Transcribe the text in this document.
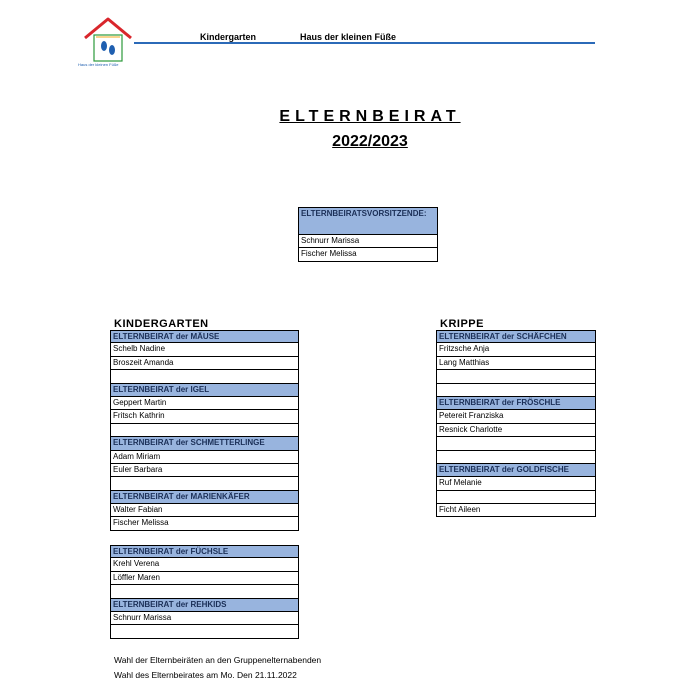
Haus der kleinen Füße
Kindergarten	Haus der kleinen Füße
ELTERNBEIRAT
2022/2023
ELTERNBEIRATSVORSITZENDE:
Schnurr Marissa
Fischer Melissa
KINDERGARTEN
ELTERNBEIRAT der MÄUSE
Schelb Nadine
Broszeit Amanda
ELTERNBEIRAT der IGEL
Geppert Martin
Fritsch Kathrin
ELTERNBEIRAT der SCHMETTERLINGE
Adam Miriam
Euler Barbara
ELTERNBEIRAT der MARIENKÄFER
Walter Fabian
Fischer Melissa
ELTERNBEIRAT der FÜCHSLE
Krehl Verena
Löffler Maren
ELTERNBEIRAT der REHKIDS
Schnurr Marissa
KRIPPE
ELTERNBEIRAT der SCHÄFCHEN
Fritzsche Anja
Lang Matthias
ELTERNBEIRAT der FRÖSCHLE
Petereit Franziska
Resnick Charlotte
ELTERNBEIRAT der GOLDFISCHE
Ruf Melanie
Ficht Aileen
Wahl der Elternbeiräten an den Gruppenelternabenden
Wahl des Elternbeirates am Mo. Den 21.11.2022
